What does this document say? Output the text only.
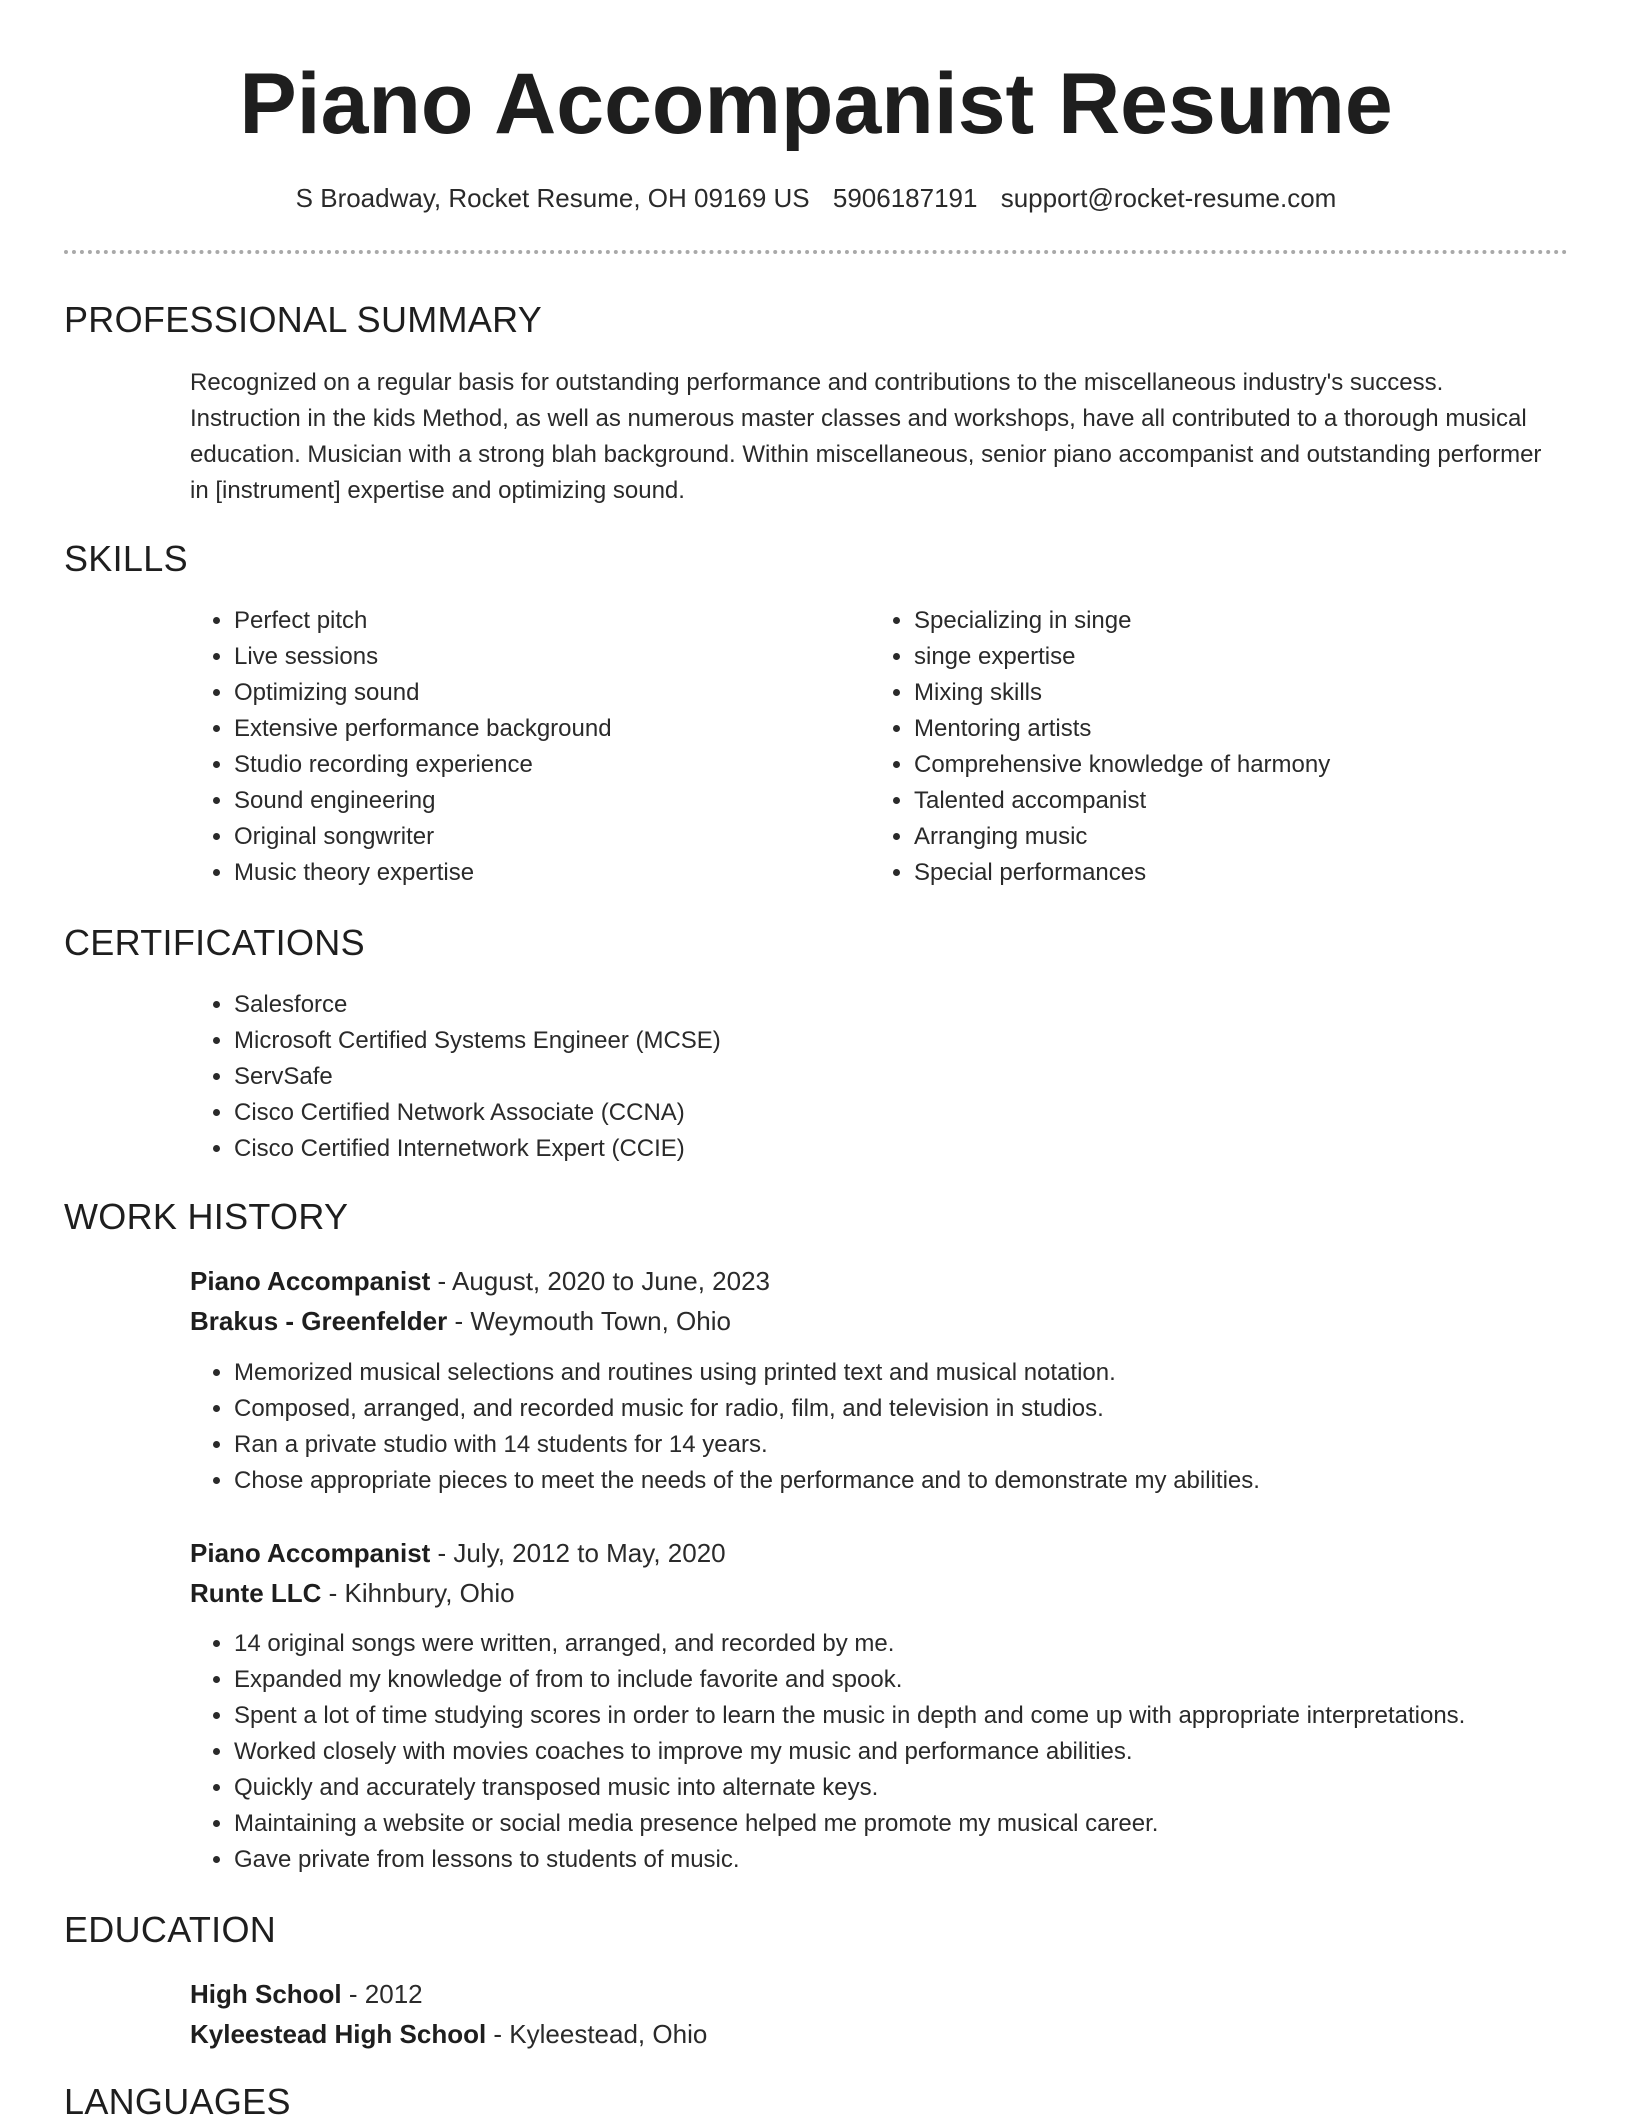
Piano Accompanist Resume
S Broadway, Rocket Resume, OH 09169 US 5906187191 support@rocket-resume.com
PROFESSIONAL SUMMARY

Recognized on a regular basis for outstanding performance and contributions to the miscellaneous industry's success. Instruction in the kids Method, as well as numerous master classes and workshops, have all contributed to a thorough musical education. Musician with a strong blah background. Within miscellaneous, senior piano accompanist and outstanding performer in [instrument] expertise and optimizing sound.

SKILLS
• Perfect pitch
• Live sessions
• Optimizing sound
• Extensive performance background
• Studio recording experience
• Sound engineering
• Original songwriter
• Music theory expertise
• Specializing in singe
• singe expertise
• Mixing skills
• Mentoring artists
• Comprehensive knowledge of harmony
• Talented accompanist
• Arranging music
• Special performances
CERTIFICATIONS
• Salesforce
• Microsoft Certified Systems Engineer (MCSE)
• ServSafe
• Cisco Certified Network Associate (CCNA)
• Cisco Certified Internetwork Expert (CCIE)
WORK HISTORY

Piano Accompanist - August, 2020 to June, 2023

Brakus - Greenfelder - Weymouth Town, Ohio

• Memorized musical selections and routines using printed text and musical notation.
• Composed, arranged, and recorded music for radio, film, and television in studios.
• Ran a private studio with 14 students for 14 years.
• Chose appropriate pieces to meet the needs of the performance and to demonstrate my abilities.

Piano Accompanist - July, 2012 to May, 2020

Runte LLC - Kihnbury, Ohio

• 14 original songs were written, arranged, and recorded by me.
• Expanded my knowledge of from to include favorite and spook.
• Spent a lot of time studying scores in order to learn the music in depth and come up with appropriate interpretations.
• Worked closely with movies coaches to improve my music and performance abilities.
• Quickly and accurately transposed music into alternate keys.
• Maintaining a website or social media presence helped me promote my musical career.
• Gave private from lessons to students of music.
EDUCATION

High School - 2012

Kyleestead High School - Kyleestead, Ohio

LANGUAGES
